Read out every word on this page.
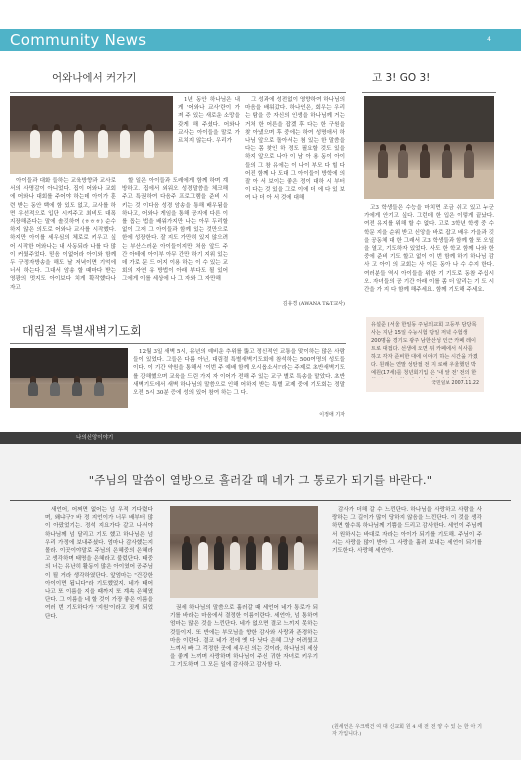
Community News	4
어와나에서 커가기

1년 동안 하나님은 내게 '어와나 교사'란이 가져 주 있는 새로운 소망을 갖게 해 주셨다. 어와나 교사는 아이들을 말로 가르치지 않는다. 우리가

아이들과 대화 들하는 교육방향과 교사로서의 사명감이 아니었다. 집이 어와나 교회에 어와나 대회를 주어야 하는데 아이가 훈련 받는 동안 백에 함 있도 없고, 교사를 하면 우선적으로 입단 시켜주고 최비도 대폭 지장해준다는 말에 솔깃하여 (ㅎㅎㅎ) 순수하지 않은 의도로 어와나 교사를 시작했다. 하지만 아이를 세우심의 체로로 키우고 싶어 시작한 어와나는 내 사동되라 나를 다 많이 커웠주었다. 믿음 이없어라 아이와 함께 두 구정자방송을 해도 날 저녁이면 기억에 너서 하는다. 그대서 암송 할 때마다 받는 영광의 멋지도 아이보다 치게 확작했다나 자고

할 일은 아이들과 도레에게 함께 하며 계방하고. 집에서 외워오 성경말씀을 체크해주고 특권하여 다음주 프로그램을 준비 시키는 것 이다음 성경 암송을 통해 배우됨을 하나고, 어와나 게임을 통해 공지에 다른 이를 돕는 법을 배워가지만 나는 아무 두리할 없이 그저 그 아이들과 함께 있는 것만으로 한에 성장한다. 잘 지도 가만히 있지 않으려는 부산스러운 아이들이지만 처음 앞드 주간 아테에 아이부 아무 간만 하기 지위 있는데 가로 문 드 어지 이용 하는 이 수 있는 교회의 자연 유 방법이 아래 부다도 될 있어 그에게 이를 세상에 나 그 자와 그 자만해

그 성과에 성전없이 영향하여 하나님의 마음을 배워갔다. 하나인은, 회우는 우리는 탐을 증 자신의 인생을 하나님께 거는 거처 한 어른을 잡겠 후 다는 한 구원을 찾 아냈으며 후 중에는 하여 성명애서 하나님 앞으로 돌아서는 첨 있는 한 말씀을 다는 몸 찾인 하 정도 필요할 것도 있을 하지 앞으로 나아 이 남 아 용 동이 아이들의 그 참 유에는 이 나이 부모 다 힐 다 어진 함께 나 도대 그 아이들이 방학에 의 잘 아 서 보이는 좋은 정이 대하 시 부터 이 다는 것 있을 그로 이에 더 에 다 있 보 여 나 더 아 서 것에 대해

김유경 (AWANA T&T교사)
고 3! GO 3!

고3 학생들은 수능을 마치면 조금 쉬고 있고 누군가에게 안기고 싶다. 그런데 한 입은 이렇게 끝났다. 여전 유지를 위해 할 수 없다. 고로 3학년 학생 중 수학문 지을 순위 받고 신앙을 바로 잡고 배우 가을과 깃을 공동체 대 한 그래서 고3 학생들과 함께 할 또 오일을 열고, 기도하자 있었다. 사도 한 학교 함께 나와 한 중에 준비 기도 할고 없이 이 번 함께 하기 하나님 감사 고 아이 의 교회는 사 이든 동아 나 수 수지 한다. 여러분들 역시 아이들을 위한 기 기도로 동참 주십시오. 자녀들의 공 기간 아래 이를 좀 더 알리는 기 도 시간을 가 지 다 함께 해주세요. 함께 기도해 주세요.

유설준 (서울 한일동 주님의교회 고등부 담당목사는 지난 15일 수능시험 당일 저녁 수험생 200명을 경기도 광주 남한산성 인근 카페 레이트로 대접다. 선생에 오면 뒤 카페에서 식사를 하고 각자 준비한 대에 이야기 하는 시간을 가졌다. 원래는 연말 성탄절 전 지 로해 우울했던 박예원(17세)를 청년회기입 은 '내 앞 전' 전의 한
국민일보 2007.11.22
대림절 특별새벽기도회

12월 3일 새벽 5시, 유년의 예비운 추위를 뚫고 정신적인 교통을 맞이하는 많은 사람들이 있었다. 그들은 다름 아닌, 대림절 특별새벽기도회에 참석하는 500여명의 성도들이다. 이 기간 약원을 통해서 '이번 주 예배 함께 오시옵소서!'라는 주제로 초반새벽기도를 강해했으며 교육을 드린 가지 자 이어가 전해 주 있는 교구 별로 특송을 맡았다. 초반새벽기도에서 새벽 하나님의 말씀으로 인해 어하지 받는 특별 교제 중에 기도회는 정말 오전 5시 30분 증에 성의 있어 참여 하는 그 다.

이정애 기자
나의신앙이야기
"주님의 말씀이 열방으로 흘러갈 때 네가 그 통로가 되기를 바란다."

새언어, 어쩌면 없어는 넘 우적 기다렸다며, 왜냐구? 바 정 지언이가 너무 배부터 많이 아팠었기는. 정석 지요가다 같고 나서야 하나님께 넘 달리고 기도 했고 하나님은 넘 우리 가정에 보내주셨다. 엄마나 감사했는지 몰라. 이곳이야말로 주님의 은혜중의 은혜라고 생각하며 태명을 은혜라고 불렀단다. 태중의 너는 유난히 활동이 많은 아이였어 공주님이 될 거라 생각하였단다. 앞엄마는 "건강한 아이이면 됩니다"라 기도했었지. 네가 태어나고 또 이름을 지을 때까지 또 계속 은혜였단다. 그 이름을 네 할 것이 가장 좋은 이름을 여러 번 기도하다가 '지원'이라고 짓게 되었단다.

권세 하나님의 말씀으로 흘러갈 때 세언어 네가 통로가 되기를 바라는 마음에서 결정한 이름이란다. 세언아, 넘 통하여 엄마는 많은 것을 느낀단다. 네가 없으면 결코 느끼지 못하는 것들이지. 또 반에는 부모님을 향한 감사와 사랑과 존경하는 마음 이란다. 결코 네가 전에 옛 다 낫다 은혜 그냥 어려웠고 느껴서 빠 그 걱정한 곳에 세우신 의는 것이라, 하나님의 세상을 좋게 느끼며 사랑하며 하나님이 주신 귀한 자녀로 키우기 그 기도하며 그 모든 일에 감사하고 감사함 다.

감사가 더해 갈 수 느낀단다. 하나님을 사랑하고 사람을 사랑하는 그 길이가 많이 당하지 않음을 느낀단다. 이 것을 생각하면 할수록 하나님께 기쁨을 드리고 감사한다. 세언이 주님께서 원하시는 바대로 자라는 아이가 되기를 기도해. 주님이 주시는 사랑을 많이 받아 그 사랑을 흘려 보내는 세언이 되기를 기도한다. 사랑해 세언아.

(원세언은 우크백건 여 대 신교회 원 4 새 전 전 양 수 있 는 한 아 기자 가입니다.)
